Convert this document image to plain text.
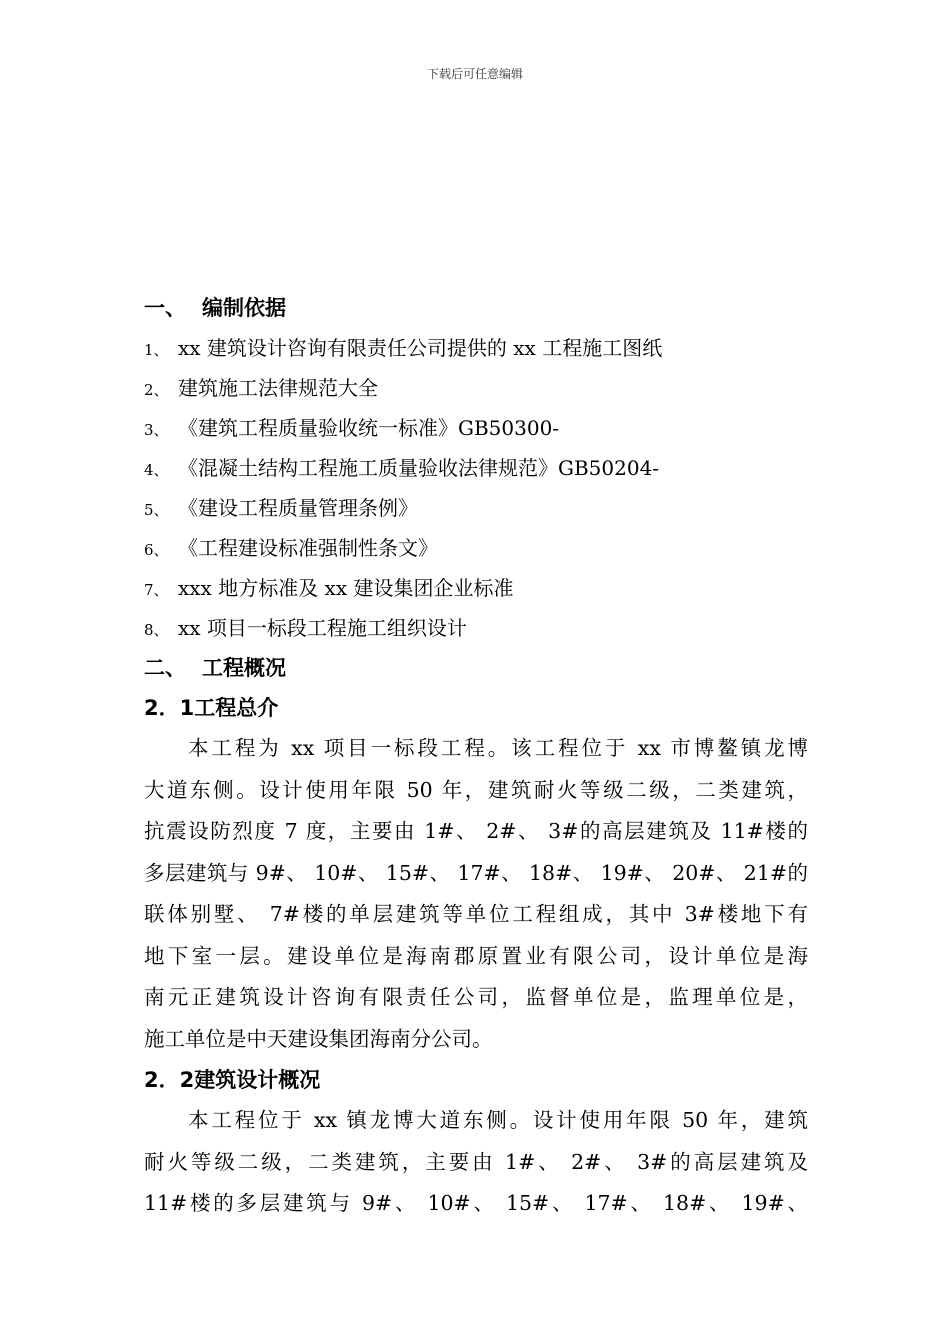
下载后可任意编辑
一、 编制依据
1、 xx 建筑设计咨询有限责任公司提供的 xx 工程施工图纸
2、 建筑施工法律规范大全
3、 《建筑工程质量验收统一标准》GB50300-
4、 《混凝土结构工程施工质量验收法律规范》GB50204-
5、 《建设工程质量管理条例》
6、 《工程建设标准强制性条文》
7、 xxx 地方标准及 xx 建设集团企业标准
8、 xx 项目一标段工程施工组织设计
二、 工程概况
2．1工程总介
本工程为 xx 项目一标段工程。该工程位于 xx 市博鳌镇龙博
大道东侧。设计使用年限 50 年，建筑耐火等级二级，二类建筑，
抗震设防烈度 7 度，主要由 1#、 2#、 3#的高层建筑及 11#楼的
多层建筑与 9#、 10#、 15#、 17#、 18#、 19#、 20#、 21#的
联体别墅、 7#楼的单层建筑等单位工程组成，其中 3#楼地下有
地下室一层。建设单位是海南郡原置业有限公司，设计单位是海
南元正建筑设计咨询有限责任公司，监督单位是，监理单位是，
施工单位是中天建设集团海南分公司。
2．2建筑设计概况
本工程位于 xx 镇龙博大道东侧。设计使用年限 50 年，建筑
耐火等级二级，二类建筑，主要由 1#、 2#、 3#的高层建筑及
11#楼的多层建筑与 9#、 10#、 15#、 17#、 18#、 19#、
